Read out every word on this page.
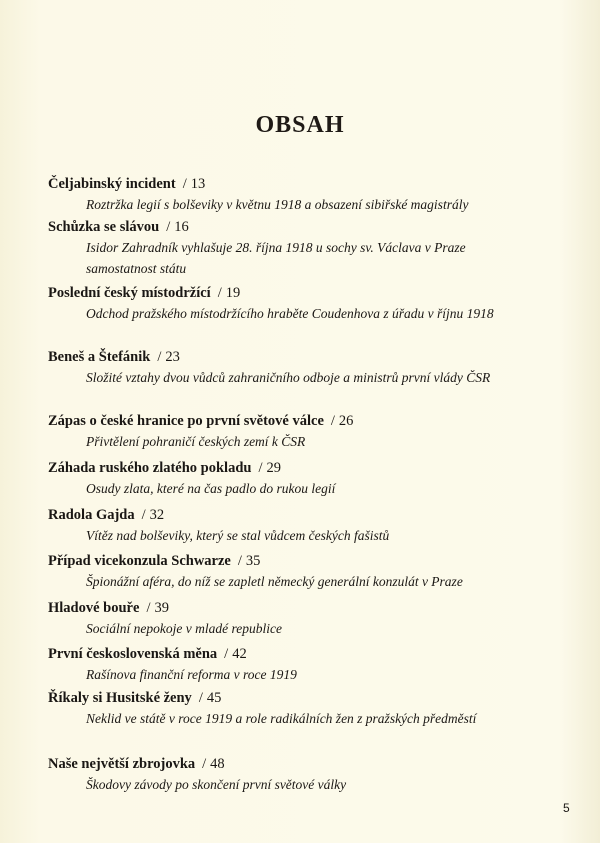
OBSAH
Čeljabinský incident / 13
Roztržka legií s bolševiky v květnu 1918 a obsazení sibiřské magistrály
Schůzka se slávou / 16
Isidor Zahradník vyhlašuje 28. října 1918 u sochy sv. Václava v Praze samostatnost státu
Poslední český místodržící / 19
Odchod pražského místodržícího hraběte Coudenhova z úřadu v říjnu 1918
Beneš a Štefánik / 23
Složité vztahy dvou vůdců zahraničního odboje a ministrů první vlády ČSR
Zápas o české hranice po první světové válce / 26
Přivtělení pohraničí českých zemí k ČSR
Záhada ruského zlatého pokladu / 29
Osudy zlata, které na čas padlo do rukou legií
Radola Gajda / 32
Vítěz nad bolševiky, který se stal vůdcem českých fašistů
Případ vicekonzula Schwarze / 35
Špionážní aféra, do níž se zapletl německý generální konzulát v Praze
Hladové bouře / 39
Sociální nepokoje v mladé republice
První československá měna / 42
Rašínova finanční reforma v roce 1919
Říkaly si Husitské ženy / 45
Neklid ve státě v roce 1919 a role radikálních žen z pražských předměstí
Naše největší zbrojovka / 48
Škodovy závody po skončení první světové války
5
